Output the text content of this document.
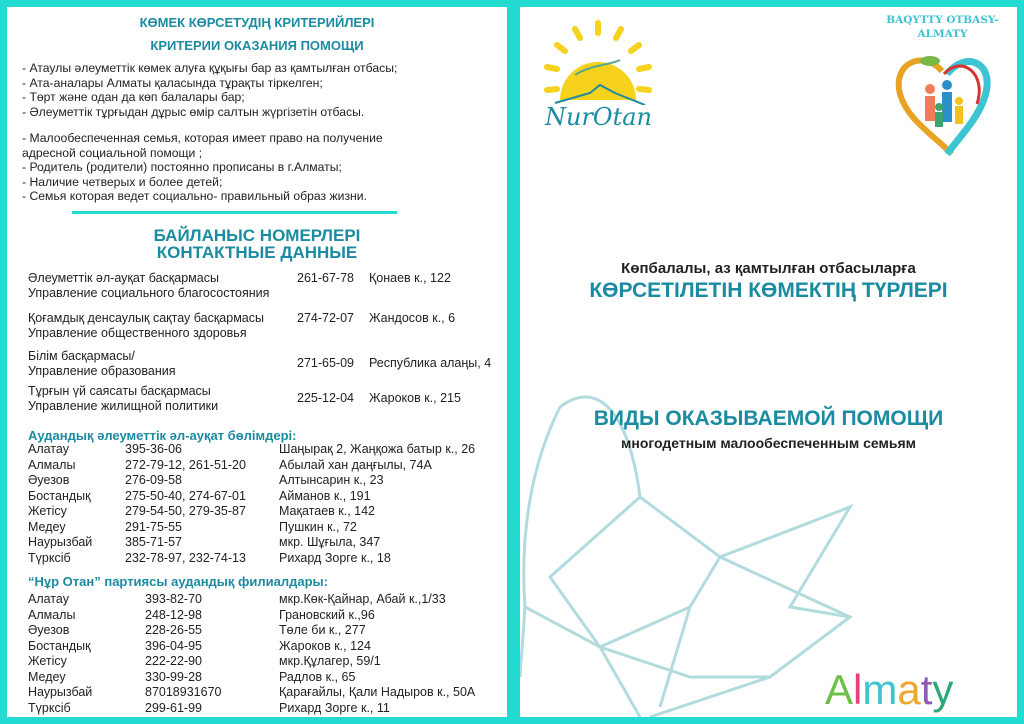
КӨМЕК КӨРСЕТУДІҢ КРИТЕРИЙЛЕРІ
КРИТЕРИИ ОКАЗАНИЯ ПОМОЩИ
- Атаулы әлеуметтік көмек алуға құқығы бар аз қамтылған отбасы;
- Ата-аналары Алматы қаласында тұрақты тіркелген;
- Төрт және одан да көп балалары бар;
- Әлеуметтік тұрғыдан дұрыс өмір салтын жүргізетін отбасы.
- Малообеспеченная семья, которая имеет право на получение
адресной социальной помощи ;
- Родитель (родители) постоянно прописаны в г.Алматы;
- Наличие четверых и более детей;
- Семья которая ведет социально- правильный образ жизни.
БАЙЛАНЫС НОМЕРЛЕРІ
КОНТАКТНЫЕ ДАННЫЕ
Аудандық әлеуметтік әл-ауқат бөлімдері:
“Нұр Отан” партиясы аудандық филиалдары:
Әлеуметтік әл-ауқат басқармасы
Управление социального благосостояния
261-67-78 Қонаев к., 122
Қоғамдық денсаулық сақтау басқармасы
Управление общественного здоровья
274-72-07 Жандосов к., 6
Білім басқармасы/
Управление образования
271-65-09 Республика алаңы, 4
Тұрғын үй саясаты басқармасы
Управление жилищной политики
225-12-04 Жароков к., 215
Алатау	395-36-06	Шаңырақ 2, Жаңқожа батыр к., 26
Алмалы	272-79-12, 261-51-20	Абылай хан даңғылы, 74А
Әуезов	276-09-58	Алтынсарин к., 23
Бостандық	275-50-40, 274-67-01	Айманов к., 191
Жетісу	279-54-50, 279-35-87	Мақатаев к., 142
Медеу	291-75-55	Пушкин к., 72
Наурызбай	385-71-57	мкр. Шұғыла, 347
Түрксіб	232-78-97, 232-74-13	Рихард Зорге к., 18
Алатау	393-82-70	мкр.Көк-Қайнар, Абай к.,1/33
Алмалы	248-12-98	Грановский к.,96
Әуезов	228-26-55	Төле би к., 277
Бостандық	396-04-95	Жароков к., 124
Жетісу	222-22-90	мкр.Құлагер, 59/1
Медеу	330-99-28	Радлов к., 65
Наурызбай	87018931670	Қарағайлы, Қали Надыров к., 50А
Түрксіб	299-61-99	Рихард Зорге к., 11
NurOtan
BAQYTTY OTBASY-
ALMATY
Көпбалалы, аз қамтылған отбасыларға
КӨРСЕТІЛЕТІН КӨМЕКТІҢ ТҮРЛЕРІ
ВИДЫ ОКАЗЫВАЕМОЙ ПОМОЩИ
многодетным малообеспеченным семьям
Almaty
